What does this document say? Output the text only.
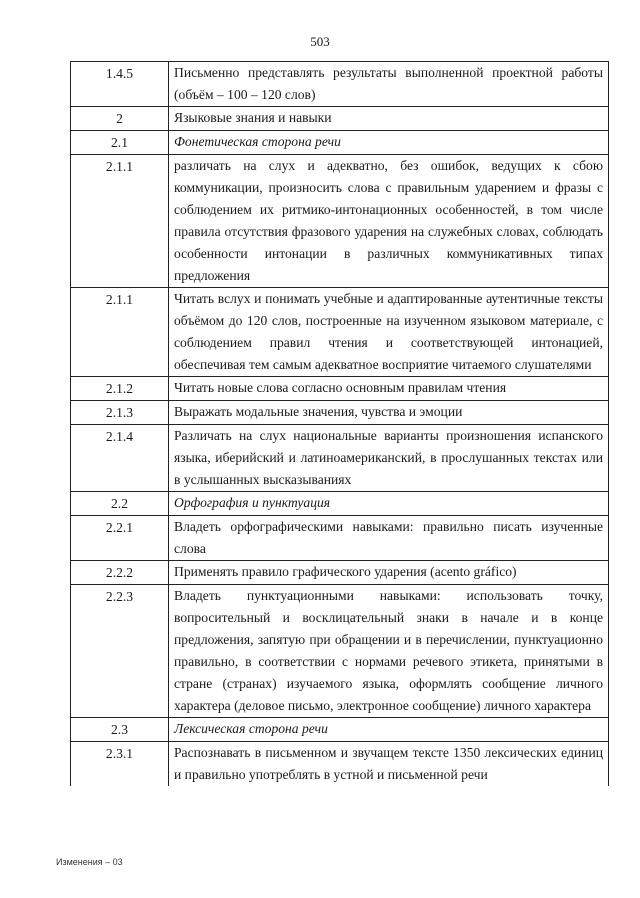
503
1.4.5	Письменно представлять результаты выполненной проектной работы (объём – 100 – 120 слов)
2	Языковые знания и навыки
2.1	Фонетическая сторона речи
2.1.1	различать на слух и адекватно, без ошибок, ведущих к сбою коммуникации, произносить слова с правильным ударением и фразы с соблюдением их ритмико-интонационных особенностей, в том числе правила отсутствия фразового ударения на служебных словах, соблюдать особенности интонации в различных коммуникативных типах предложения
2.1.1	Читать вслух и понимать учебные и адаптированные аутентичные тексты объёмом до 120 слов, построенные на изученном языковом материале, с соблюдением правил чтения и соответствующей интонацией, обеспечивая тем самым адекватное восприятие читаемого слушателями
2.1.2	Читать новые слова согласно основным правилам чтения
2.1.3	Выражать модальные значения, чувства и эмоции
2.1.4	Различать на слух национальные варианты произношения испанского языка, иберийский и латиноамериканский, в прослушанных текстах или в услышанных высказываниях
2.2	Орфография и пунктуация
2.2.1	Владеть орфографическими навыками: правильно писать изученные слова
2.2.2	Применять правило графического ударения (acento gráfico)
2.2.3	Владеть пунктуационными навыками: использовать точку, вопросительный и восклицательный знаки в начале и в конце предложения, запятую при обращении и в перечислении, пунктуационно правильно, в соответствии с нормами речевого этикета, принятыми в стране (странах) изучаемого языка, оформлять сообщение личного характера (деловое письмо, электронное сообщение) личного характера
2.3	Лексическая сторона речи
2.3.1	Распознавать в письменном и звучащем тексте 1350 лексических единиц и правильно употреблять в устной и письменной речи
Изменения – 03
